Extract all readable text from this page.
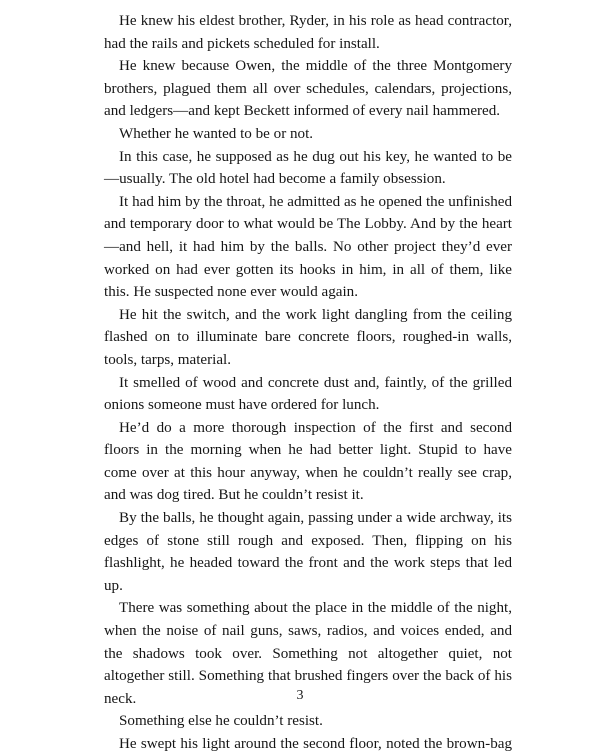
He knew his eldest brother, Ryder, in his role as head contractor, had the rails and pickets scheduled for install.

He knew because Owen, the middle of the three Montgomery brothers, plagued them all over schedules, calendars, projections, and ledgers—and kept Beckett informed of every nail hammered.

Whether he wanted to be or not.

In this case, he supposed as he dug out his key, he wanted to be—usually. The old hotel had become a family obsession.

It had him by the throat, he admitted as he opened the unfinished and temporary door to what would be The Lobby. And by the heart—and hell, it had him by the balls. No other project they’d ever worked on had ever gotten its hooks in him, in all of them, like this. He suspected none ever would again.

He hit the switch, and the work light dangling from the ceiling flashed on to illuminate bare concrete floors, roughed-in walls, tools, tarps, material.

It smelled of wood and concrete dust and, faintly, of the grilled onions someone must have ordered for lunch.

He’d do a more thorough inspection of the first and second floors in the morning when he had better light. Stupid to have come over at this hour anyway, when he couldn’t really see crap, and was dog tired. But he couldn’t resist it.

By the balls, he thought again, passing under a wide archway, its edges of stone still rough and exposed. Then, flipping on his flashlight, he headed toward the front and the work steps that led up.

There was something about the place in the middle of the night, when the noise of nail guns, saws, radios, and voices ended, and the shadows took over. Something not altogether quiet, not altogether still. Something that brushed fingers over the back of his neck.

Something else he couldn’t resist.

He swept his light around the second floor, noted the brown-bag

3
